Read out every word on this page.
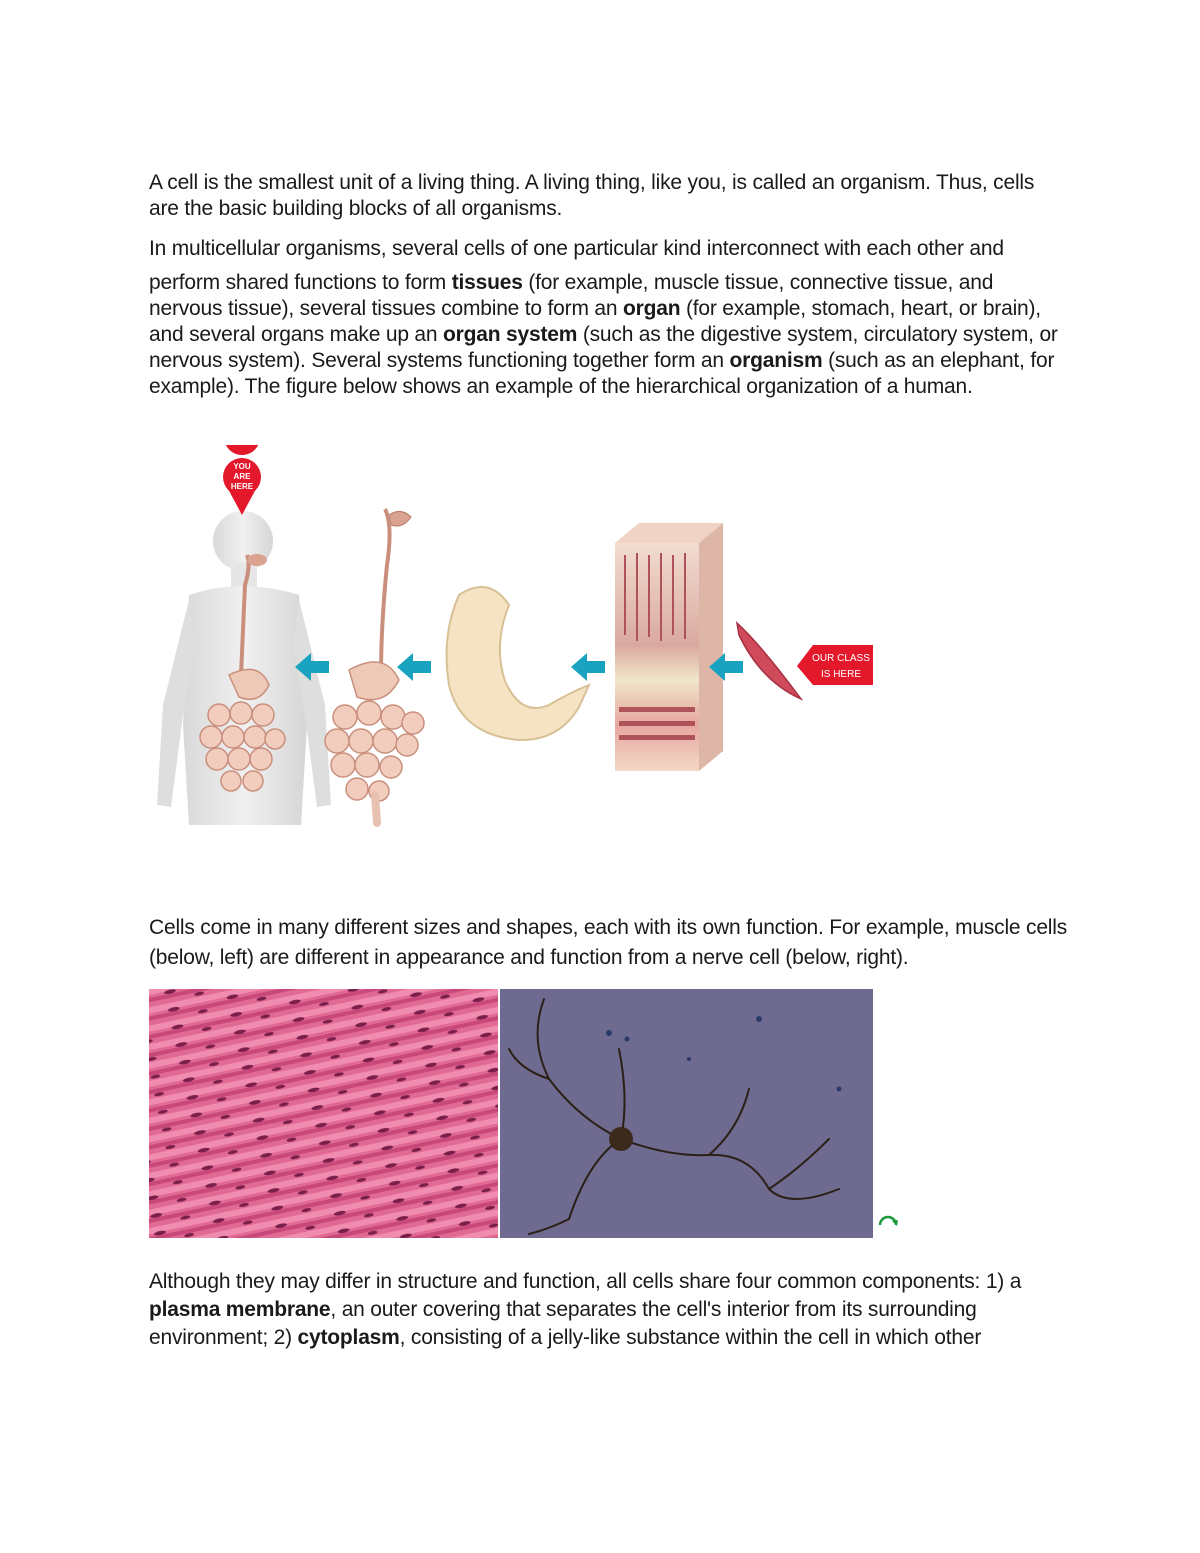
A cell is the smallest unit of a living thing. A living thing, like you, is called an organism. Thus, cells are the basic building blocks of all organisms.

In multicellular organisms, several cells of one particular kind interconnect with each other and
perform shared functions to form tissues (for example, muscle tissue, connective tissue, and nervous tissue), several tissues combine to form an organ (for example, stomach, heart, or brain), and several organs make up an organ system (such as the digestive system, circulatory system, or nervous system). Several systems functioning together form an organism (such as an elephant, for example). The figure below shows an example of the hierarchical organization of a human.

YOU
ARE
HERE
OUR CLASS
IS HERE

Cells come in many different sizes and shapes, each with its own function. For example, muscle cells (below, left) are different in appearance and function from a nerve cell (below, right).

Although they may differ in structure and function, all cells share four common components: 1) a plasma membrane, an outer covering that separates the cell's interior from its surrounding environment; 2) cytoplasm, consisting of a jelly-like substance within the cell in which other
